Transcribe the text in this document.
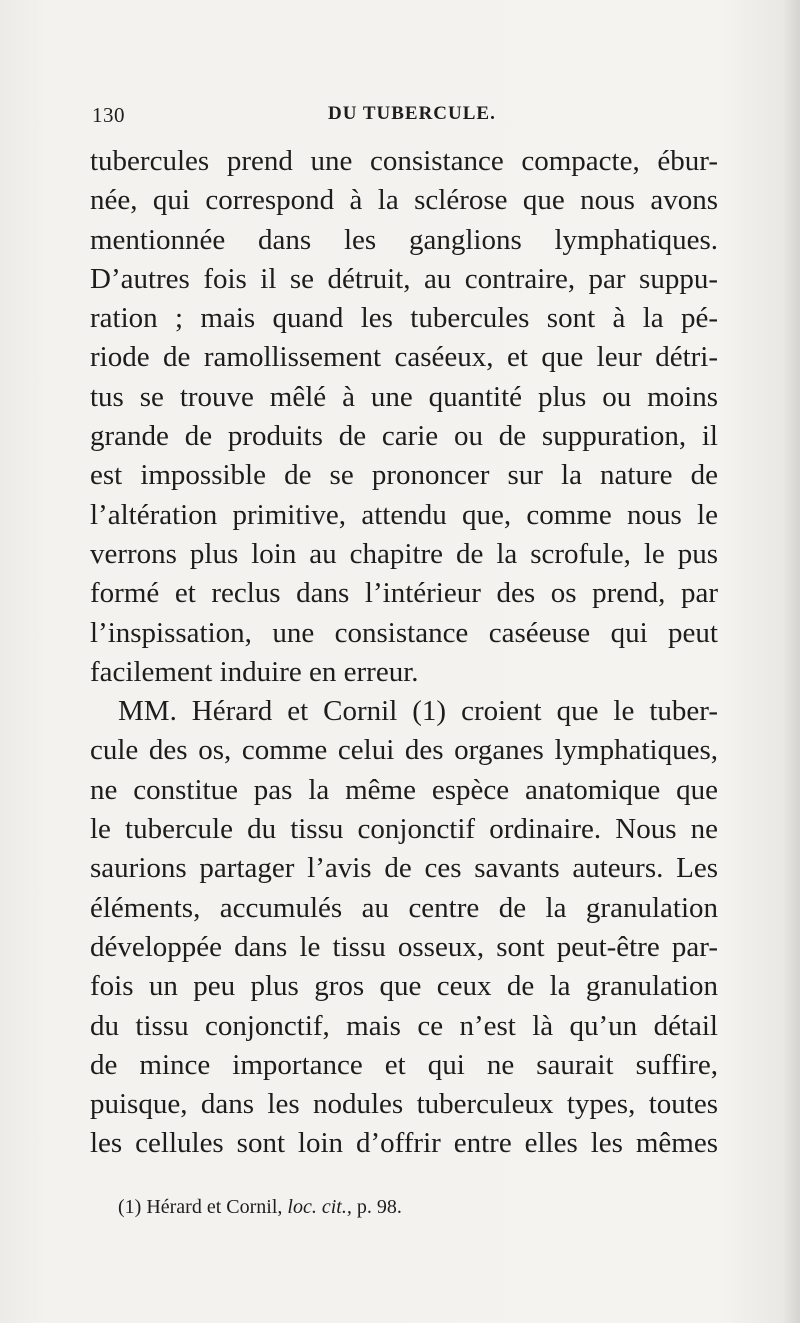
130	DU TUBERCULE.
tubercules prend une consistance compacte, ébur-
née, qui correspond à la sclérose que nous avons
mentionnée dans les ganglions lymphatiques.
D’autres fois il se détruit, au contraire, par suppu-
ration ; mais quand les tubercules sont à la pé-
riode de ramollissement caséeux, et que leur détri-
tus se trouve mêlé à une quantité plus ou moins
grande de produits de carie ou de suppuration, il
est impossible de se prononcer sur la nature de
l’altération primitive, attendu que, comme nous le
verrons plus loin au chapitre de la scrofule, le pus
formé et reclus dans l’intérieur des os prend, par
l’inspissation, une consistance caséeuse qui peut
facilement induire en erreur.
MM. Hérard et Cornil (1) croient que le tuber-
cule des os, comme celui des organes lymphatiques,
ne constitue pas la même espèce anatomique que
le tubercule du tissu conjonctif ordinaire. Nous ne
saurions partager l’avis de ces savants auteurs. Les
éléments, accumulés au centre de la granulation
développée dans le tissu osseux, sont peut-être par-
fois un peu plus gros que ceux de la granulation
du tissu conjonctif, mais ce n’est là qu’un détail
de mince importance et qui ne saurait suffire,
puisque, dans les nodules tuberculeux types, toutes
les cellules sont loin d’offrir entre elles les mêmes
(1) Hérard et Cornil, loc. cit., p. 98.
